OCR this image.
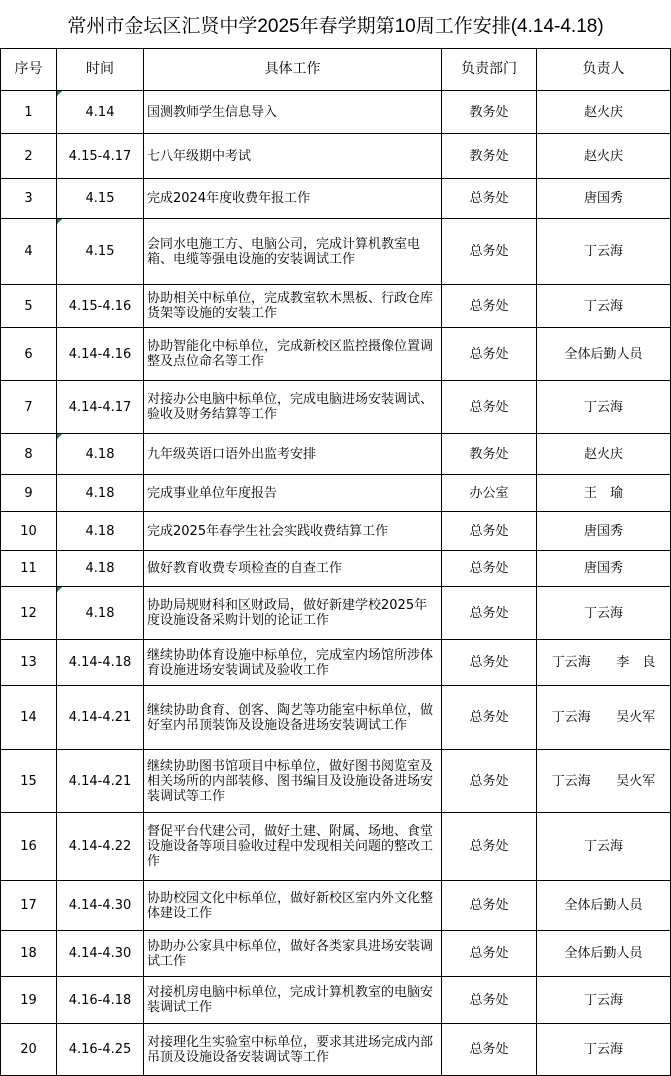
常州市金坛区汇贤中学2025年春学期第10周工作安排(4.14-4.18)
序号	时间	具体工作	负责部门	负责人
1	4.14	国测教师学生信息导入	教务处	赵火庆
2	4.15-4.17	七八年级期中考试	教务处	赵火庆
3	4.15	完成2024年度收费年报工作	总务处	唐国秀
4	4.15	会同水电施工方、电脑公司，完成计算机教室电箱、电缆等强电设施的安装调试工作	总务处	丁云海
5	4.15-4.16	协助相关中标单位，完成教室软木黑板、行政仓库货架等设施的安装工作	总务处	丁云海
6	4.14-4.16	协助智能化中标单位，完成新校区监控摄像位置调整及点位命名等工作	总务处	全体后勤人员
7	4.14-4.17	对接办公电脑中标单位，完成电脑进场安装调试、验收及财务结算等工作	总务处	丁云海
8	4.18	九年级英语口语外出监考安排	教务处	赵火庆
9	4.18	完成事业单位年度报告	办公室	王　瑜
10	4.18	完成2025年春学生社会实践收费结算工作	总务处	唐国秀
11	4.18	做好教育收费专项检查的自查工作	总务处	唐国秀
12	4.18	协助局规财科和区财政局，做好新建学校2025年度设施设备采购计划的论证工作	总务处	丁云海
13	4.14-4.18	继续协助体育设施中标单位，完成室内场馆所涉体育设施进场安装调试及验收工作	总务处	丁云海 李　良

14	4.14-4.21	继续协助食育、创客、陶艺等功能室中标单位，做好室内吊顶装饰及设施设备进场安装调试工作	总务处	丁云海 吴火军

15	4.14-4.21	继续协助图书馆项目中标单位，做好图书阅览室及相关场所的内部装修、图书编目及设施设备进场安装调试等工作	总务处	丁云海 吴火军

16	4.14-4.22	督促平台代建公司，做好土建、附属、场地、食堂设施设备等项目验收过程中发现相关问题的整改工作	总务处	丁云海
17	4.14-4.30	协助校园文化中标单位，做好新校区室内外文化整体建设工作	总务处	全体后勤人员
18	4.14-4.30	协助办公家具中标单位，做好各类家具进场安装调试工作	总务处	全体后勤人员
19	4.16-4.18	对接机房电脑中标单位，完成计算机教室的电脑安装调试工作	总务处	丁云海
20	4.16-4.25	对接理化生实验室中标单位，要求其进场完成内部吊顶及设施设备安装调试等工作	总务处	丁云海
